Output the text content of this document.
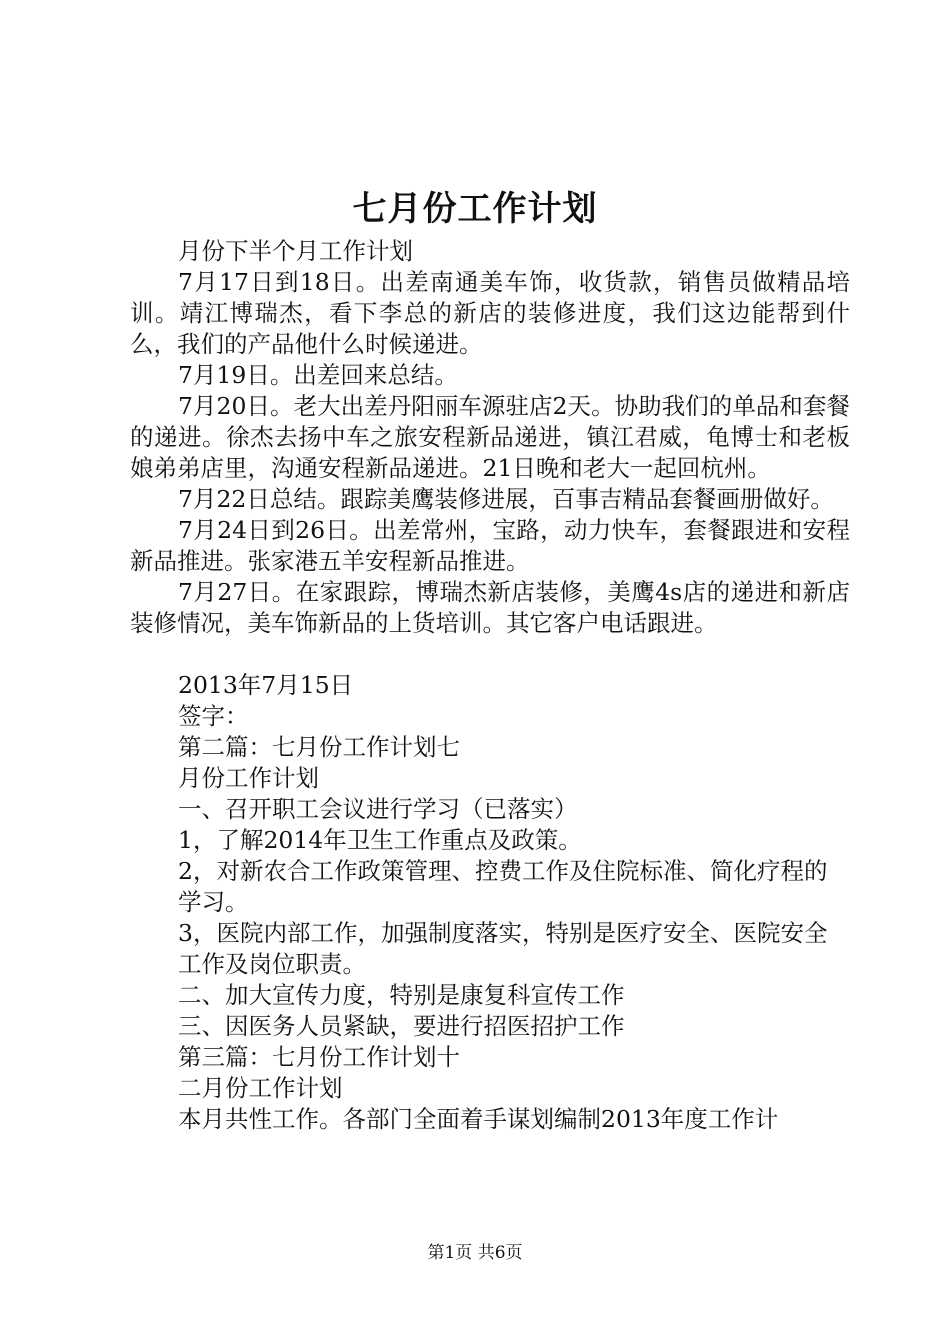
七月份工作计划

月份下半个月工作计划

7月17日到18日。出差南通美车饰，收货款，销售员做精品培训。靖江博瑞杰，看下李总的新店的装修进度，我们这边能帮到什么，我们的产品他什么时候递进。

7月19日。出差回来总结。

7月20日。老大出差丹阳丽车源驻店2天。协助我们的单品和套餐的递进。徐杰去扬中车之旅安程新品递进，镇江君威，龟博士和老板娘弟弟店里，沟通安程新品递进。21日晚和老大一起回杭州。

7月22日总结。跟踪美鹰装修进展，百事吉精品套餐画册做好。

7月24日到26日。出差常州，宝路，动力快车，套餐跟进和安程新品推进。张家港五羊安程新品推进。

7月27日。在家跟踪，博瑞杰新店装修，美鹰4s店的递进和新店装修情况，美车饰新品的上货培训。其它客户电话跟进。

2013年7月15日

签字：

第二篇：七月份工作计划七

月份工作计划

一、召开职工会议进行学习（已落实）

1，了解2014年卫生工作重点及政策。

2，对新农合工作政策管理、控费工作及住院标准、简化疗程的学习。

3，医院内部工作，加强制度落实，特别是医疗安全、医院安全工作及岗位职责。

二、加大宣传力度，特别是康复科宣传工作

三、因医务人员紧缺，要进行招医招护工作

第三篇：七月份工作计划十

二月份工作计划

本月共性工作。各部门全面着手谋划编制2013年度工作计

第1页 共6页
